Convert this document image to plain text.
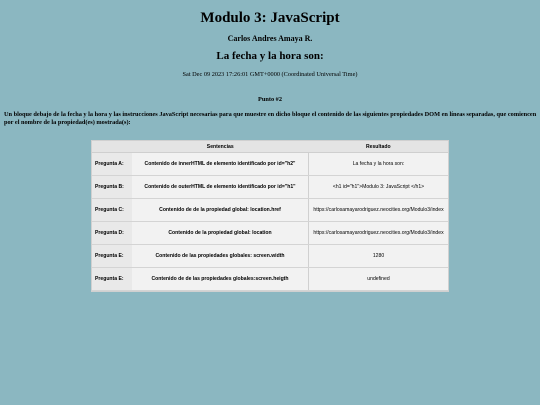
Modulo 3: JavaScript
Carlos Andres Amaya R.
La fecha y la hora son:
Sat Dec 09 2023 17:26:01 GMT+0000 (Coordinated Universal Time)
Punto #2
Un bloque debajo de la fecha y la hora y las instrucciones JavaScript necesarias para que muestre en dicho bloque el contenido de las siguientes propiedades DOM en líneas separadas, que comiencen por el nombre de la propiedad(es) mostrada(s):
	Sentencias	Resultado
Pregunta A:	Contenido de innerHTML de elemento identificado por id="h2"	La fecha y la hora son:
Pregunta B:	Contenido de outerHTML de elemento identificado por id="h1"	<h1 id="h1">Modulo 3: JavaScript </h1>
Pregunta C:	Contenido de de la propiedad global: location.href	https://carlosamayarodriguez.neocities.org/Modulo3/index
Pregunta D:	Contenido de la propiedad global: location	https://carlosamayarodriguez.neocities.org/Modulo3/index
Pregunta E:	Contenido de las propiedades globales: screen.width	1280
Pregunta E:	Contenido de de las propiedades globales:screen.heigth	undefined
